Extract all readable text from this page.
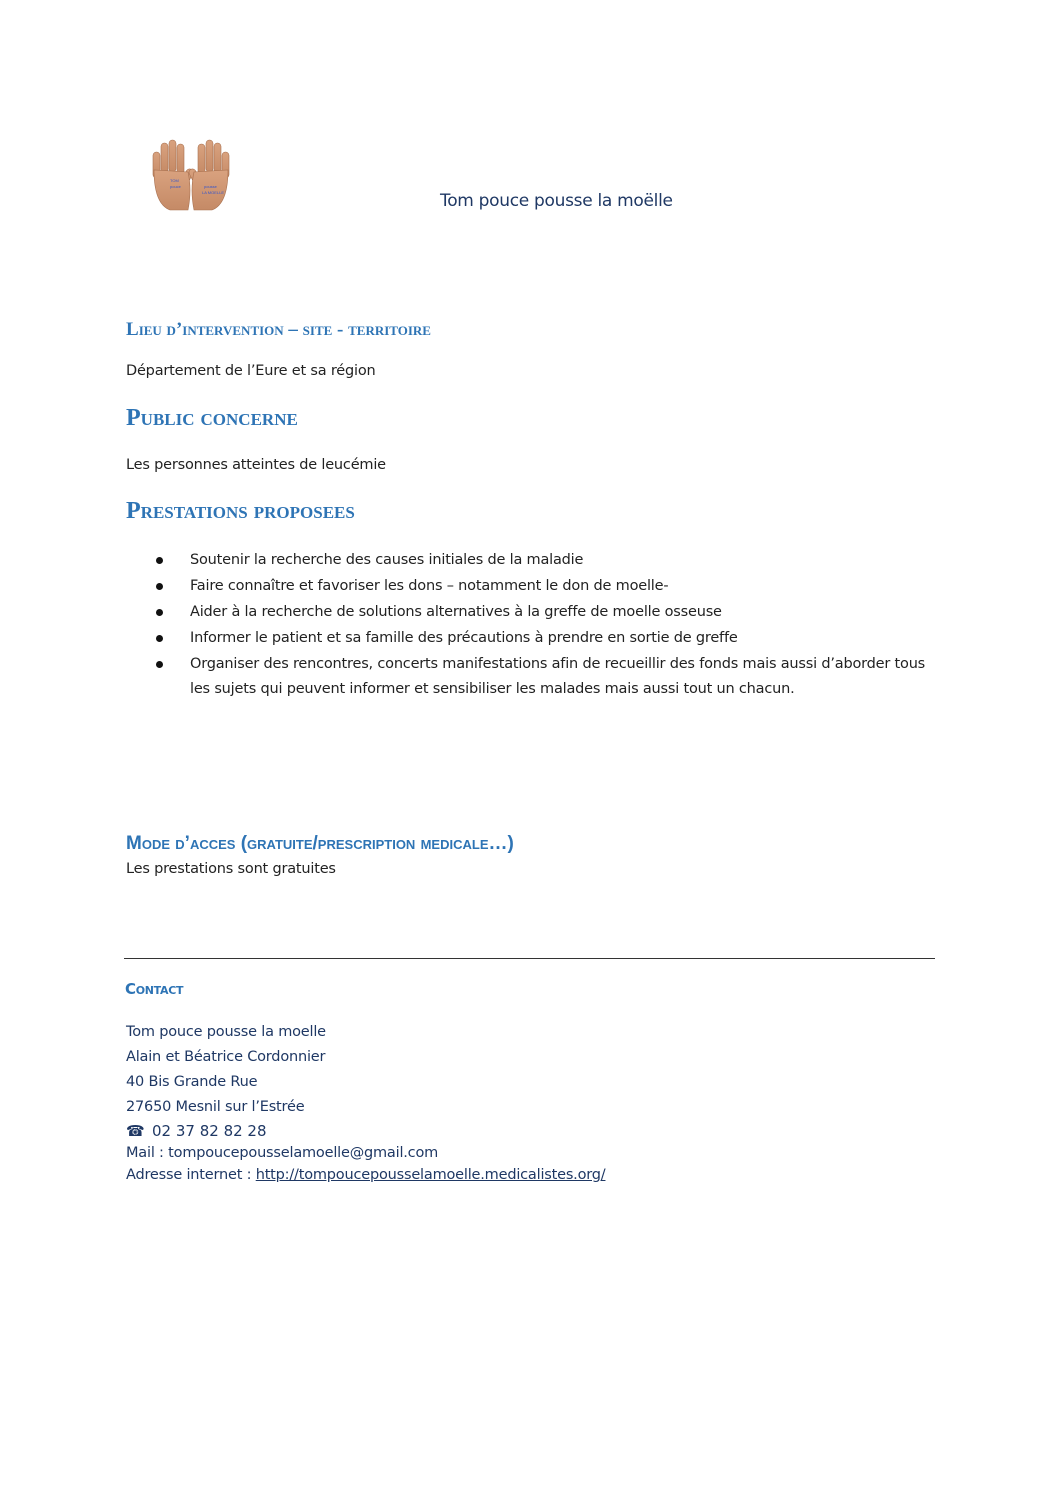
TOM
pouce	pousse
LA MOELLE	Tom pouce pousse la moëlle
Lieu d’intervention – site - territoire

Département de l’Eure et sa région

Public concerne

Les personnes atteintes de leucémie

Prestations proposees
Soutenir la recherche des causes initiales de la maladie
Faire connaître et favoriser les dons – notamment le don de moelle-
Aider à la recherche de solutions alternatives à la greffe de moelle osseuse
Informer le patient et sa famille des précautions à prendre en sortie de greffe
Organiser des rencontres, concerts manifestations afin de recueillir des fonds mais aussi d’aborder tous les sujets qui peuvent informer et sensibiliser les malades mais aussi tout un chacun.
Mode d’acces (gratuite/prescription medicale…)

Les prestations sont gratuites

Contact

Tom pouce pousse la moelle

Alain et Béatrice Cordonnier

40 Bis Grande Rue

27650 Mesnil sur l’Estrée

☎ 02 37 82 82 28

Mail : tompoucepousselamoelle@gmail.com

Adresse internet : http://tompoucepousselamoelle.medicalistes.org/
